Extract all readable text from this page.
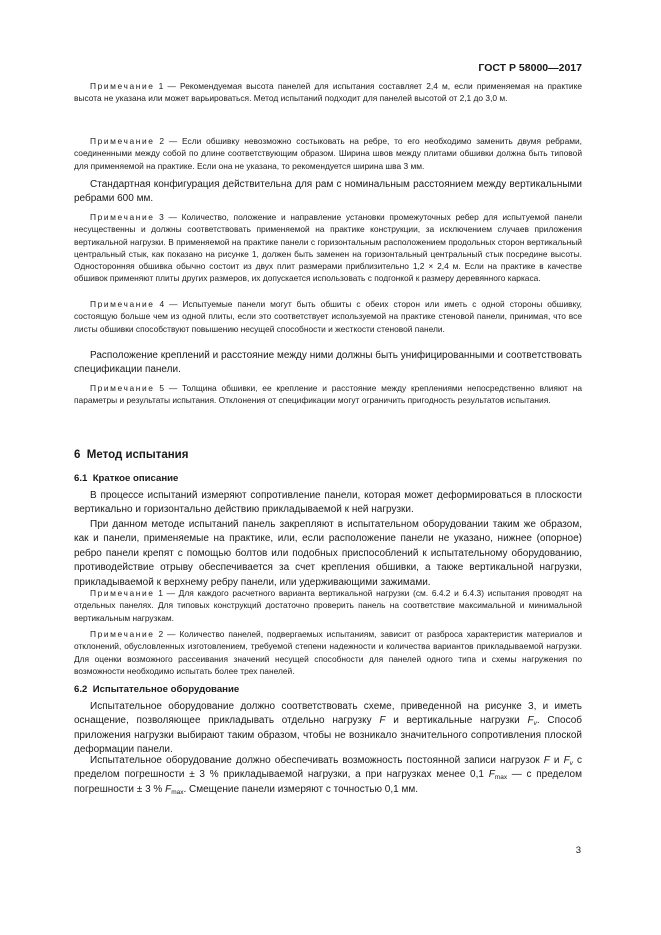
ГОСТ Р 58000—2017

Примечание 1 — Рекомендуемая высота панелей для испытания составляет 2,4 м, если применяемая на практике высота не указана или может варьироваться. Метод испытаний подходит для панелей высотой от 2,1 до 3,0 м.

Примечание 2 — Если обшивку невозможно состыковать на ребре, то его необходимо заменить двумя ребрами, соединенными между собой по длине соответствующим образом. Ширина швов между плитами обшивки должна быть типовой для применяемой на практике. Если она не указана, то рекомендуется ширина шва 3 мм.

Стандартная конфигурация действительна для рам с номинальным расстоянием между вертикальными ребрами 600 мм.

Примечание 3 — Количество, положение и направление установки промежуточных ребер для испытуемой панели несущественны и должны соответствовать применяемой на практике конструкции, за исключением случаев приложения вертикальной нагрузки. В применяемой на практике панели с горизонтальным расположением продольных сторон вертикальный центральный стык, как показано на рисунке 1, должен быть заменен на горизонтальный центральный стык посредине высоты. Односторонняя обшивка обычно состоит из двух плит размерами приблизительно 1,2 × 2,4 м. Если на практике в качестве обшивок применяют плиты других размеров, их допускается использовать с подгонкой к размеру деревянного каркаса.

Примечание 4 — Испытуемые панели могут быть обшиты с обеих сторон или иметь с одной стороны обшивку, состоящую больше чем из одной плиты, если это соответствует используемой на практике стеновой панели, принимая, что все листы обшивки способствуют повышению несущей способности и жесткости стеновой панели.

Расположение креплений и расстояние между ними должны быть унифицированными и соответствовать спецификации панели.

Примечание 5 — Толщина обшивки, ее крепление и расстояние между креплениями непосредственно влияют на параметры и результаты испытания. Отклонения от спецификации могут ограничить пригодность результатов испытания.

6 Метод испытания
6.1 Краткое описание

В процессе испытаний измеряют сопротивление панели, которая может деформироваться в плоскости вертикально и горизонтально действию прикладываемой к ней нагрузки.

При данном методе испытаний панель закрепляют в испытательном оборудовании таким же образом, как и панели, применяемые на практике, или, если расположение панели не указано, нижнее (опорное) ребро панели крепят с помощью болтов или подобных приспособлений к испытательному оборудованию, противодействие отрыву обеспечивается за счет крепления обшивки, а также вертикальной нагрузки, прикладываемой к верхнему ребру панели, или удерживающими зажимами.

Примечание 1 — Для каждого расчетного варианта вертикальной нагрузки (см. 6.4.2 и 6.4.3) испытания проводят на отдельных панелях. Для типовых конструкций достаточно проверить панель на соответствие максимальной и минимальной вертикальным нагрузкам.

Примечание 2 — Количество панелей, подвергаемых испытаниям, зависит от разброса характеристик материалов и отклонений, обусловленных изготовлением, требуемой степени надежности и количества вариантов прикладываемой нагрузки. Для оценки возможного рассеивания значений несущей способности для панелей одного типа и схемы нагружения по возможности необходимо испытать более трех панелей.

6.2 Испытательное оборудование

Испытательное оборудование должно соответствовать схеме, приведенной на рисунке 3, и иметь оснащение, позволяющее прикладывать отдельно нагрузку F и вертикальные нагрузки $F_v$. Способ приложения нагрузки выбирают таким образом, чтобы не возникало значительного сопротивления плоской деформации панели.

Испытательное оборудование должно обеспечивать возможность постоянной записи нагрузок F и $F_v$ с пределом погрешности ± 3 % прикладываемой нагрузки, а при нагрузках менее 0,1 $F_{max}$ — с пределом погрешности ± 3 % $F_{max}$. Смещение панели измеряют с точностью 0,1 мм.

3
